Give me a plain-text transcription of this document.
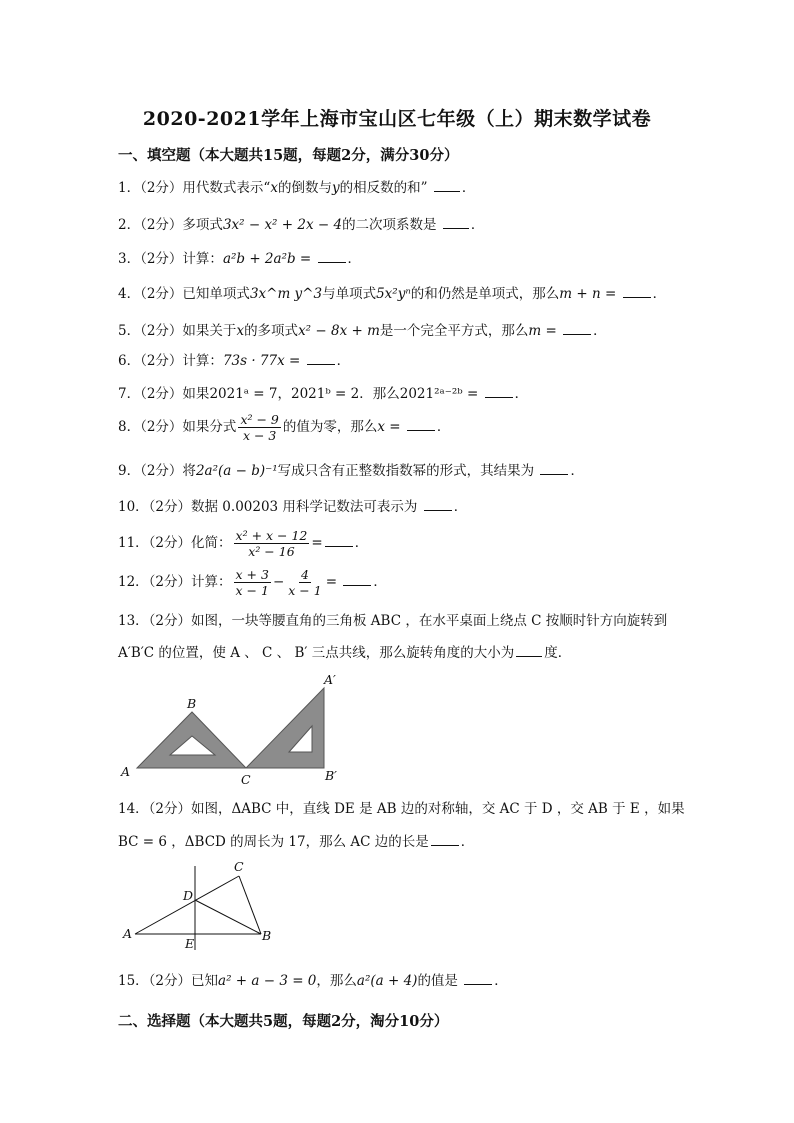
2020-2021学年上海市宝山区七年级（上）期末数学试卷
一、填空题（本大题共15题，每题2分，满分30分）
1．（2分）用代数式表示“x的倒数与y的相反数的和”	．
2．（2分）多项式3x² − x² + 2x − 4的二次项系数是	．
3．（2分）计算：a²b + 2a²b =	．
4．（2分）已知单项式3x^m y^3与单项式5x²yⁿ的和仍然是单项式，那么m + n =	．
5．（2分）如果关于x的多项式x² − 8x + m是一个完全平方式，那么m =	．
6．（2分）计算：73s · 77x =	．
7．（2分）如果2021ᵃ = 7，2021ᵇ = 2．那么2021²ᵃ⁻²ᵇ =	．
8．（2分）如果分式 $\frac{\text{x² − 9}}{x - 3}$ 的值为零，那么x =	．
9．（2分）将2a²(a − b)⁻¹写成只含有正整数指数幂的形式，其结果为	．
10．（2分）数据 0.00203 用科学记数法可表示为	．
11．（2分）化简： $\frac{\text{x² + x − 12}}{\text{x² − 16}}$ = ．
12．（2分）计算： $\frac{x + 3}{x - 1} - \frac{4}{x - 1}$ =	．
13．（2分）如图，一块等腰直角的三角板 ABC ，在水平桌面上绕点 C 按顺时针方向旋转到
A′B′C 的位置，使 A 、 C 、 B′ 三点共线，那么旋转角度的大小为 度．
A
B
C
A′
B′
14．（2分）如图，ΔABC 中，直线 DE 是 AB 边的对称轴，交 AC 于 D ，交 AB 于 E ，如果
BC = 6 ，ΔBCD 的周长为 17，那么 AC 边的长是 ．
A	B
C
D
E
15．（2分）已知a² + a − 3 = 0，那么a²(a + 4)的值是	．
二、选择题（本大题共5题，每题2分，淘分10分）
